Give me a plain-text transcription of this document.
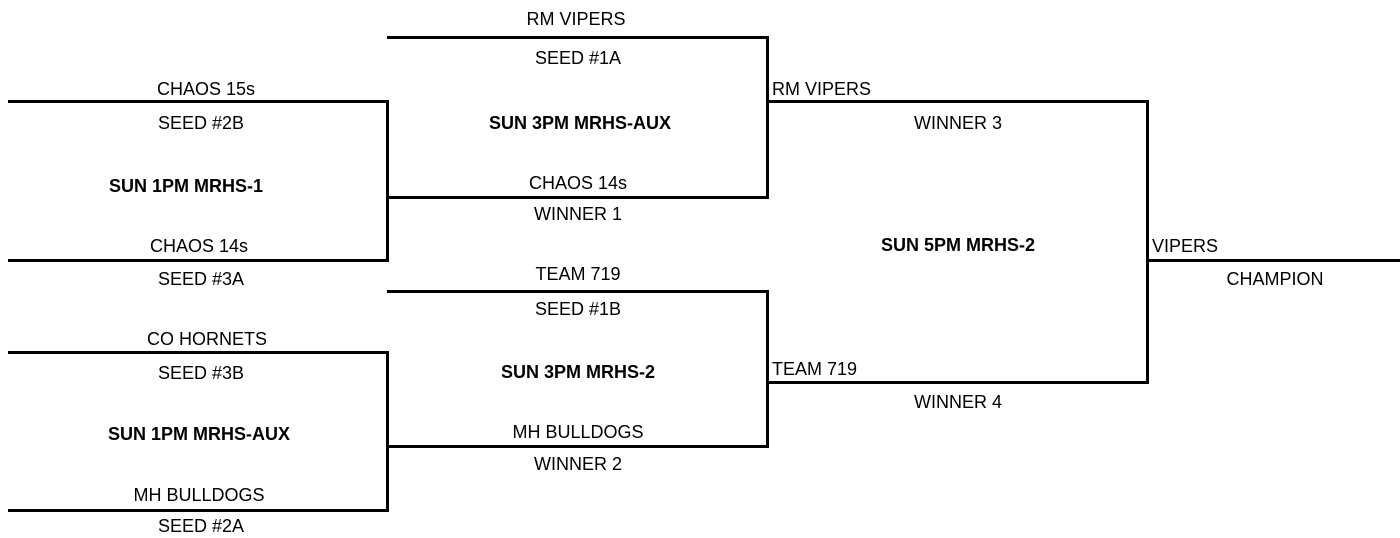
CHAOS 15s
SEED #2B
SUN 1PM MRHS-1
CHAOS 14s
SEED #3A
CO HORNETS
SEED #3B
SUN 1PM MRHS-AUX
MH BULLDOGS
SEED #2A
RM VIPERS
SEED #1A
SUN 3PM MRHS-AUX
CHAOS 14s
WINNER 1
TEAM 719
SEED #1B
SUN 3PM MRHS-2
MH BULLDOGS
WINNER 2
RM VIPERS
WINNER 3
SUN 5PM MRHS-2
TEAM 719
WINNER 4
VIPERS
CHAMPION
